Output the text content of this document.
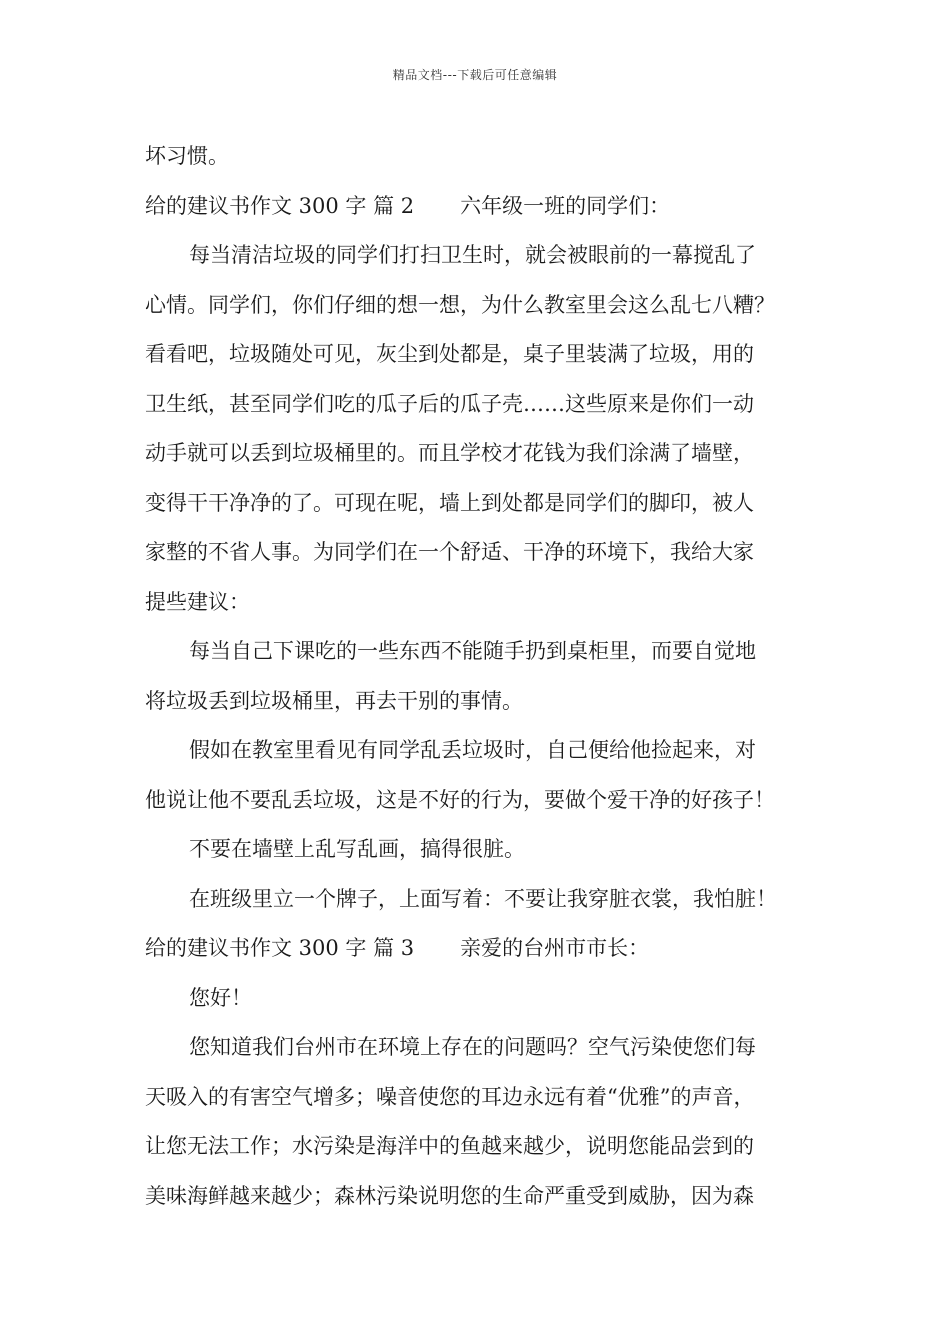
精品文档---下载后可任意编辑
坏习惯。
给的建议书作文 300 字 篇 2 六年级一班的同学们：
每当清洁垃圾的同学们打扫卫生时，就会被眼前的一幕搅乱了
心情。同学们，你们仔细的想一想，为什么教室里会这么乱七八糟？
看看吧，垃圾随处可见，灰尘到处都是，桌子里装满了垃圾，用的
卫生纸，甚至同学们吃的瓜子后的瓜子壳……这些原来是你们一动
动手就可以丢到垃圾桶里的。而且学校才花钱为我们涂满了墙壁，
变得干干净净的了。可现在呢，墙上到处都是同学们的脚印，被人
家整的不省人事。为同学们在一个舒适、干净的环境下，我给大家
提些建议：
每当自己下课吃的一些东西不能随手扔到桌柜里，而要自觉地
将垃圾丢到垃圾桶里，再去干别的事情。
假如在教室里看见有同学乱丢垃圾时，自己便给他捡起来，对
他说让他不要乱丢垃圾，这是不好的行为，要做个爱干净的好孩子！
不要在墙壁上乱写乱画，搞得很脏。
在班级里立一个牌子，上面写着：不要让我穿脏衣裳，我怕脏！
给的建议书作文 300 字 篇 3 亲爱的台州市市长：
您好！
您知道我们台州市在环境上存在的问题吗？空气污染使您们每
天吸入的有害空气增多；噪音使您的耳边永远有着“优雅”的声音，
让您无法工作；水污染是海洋中的鱼越来越少，说明您能品尝到的
美味海鲜越来越少；森林污染说明您的生命严重受到威胁，因为森
